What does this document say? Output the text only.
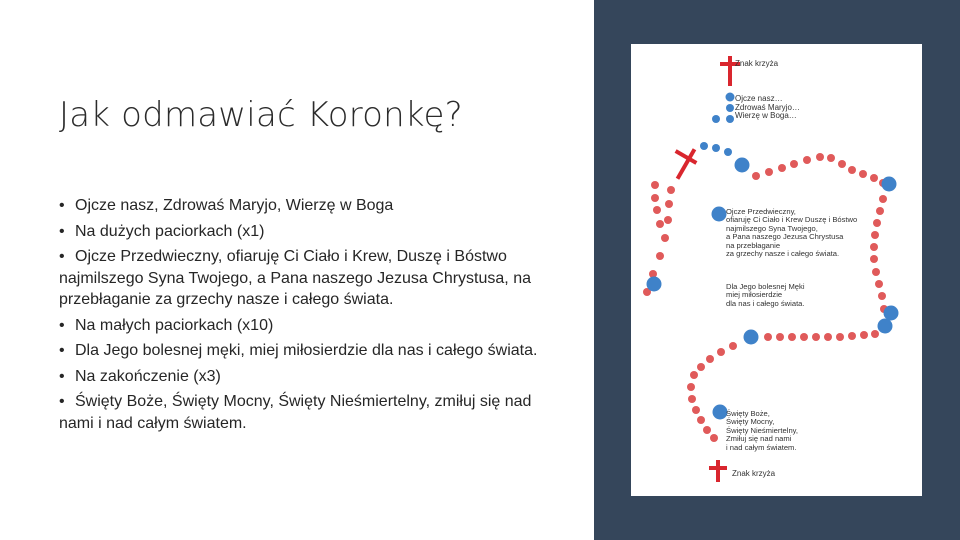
Jak odmawiać Koronkę?
• Ojcze nasz, Zdrowaś Maryjo, Wierzę w Boga
• Na dużych paciorkach (x1)
• Ojcze Przedwieczny, ofiaruję Ci Ciało i Krew, Duszę i Bóstwo najmilszego Syna Twojego, a Pana naszego Jezusa Chrystusa, na przebłaganie za grzechy nasze i całego świata.
• Na małych paciorkach (x10)
• Dla Jego bolesnej męki, miej miłosierdzie dla nas i całego świata.
• Na zakończenie (x3)
• Święty Boże, Święty Mocny, Święty Nieśmiertelny, zmiłuj się nad nami i nad całym światem.
Znak krzyża
Ojcze nasz…
Zdrowaś Maryjo…
Wierzę w Boga…
Ojcze Przedwieczny,
ofiaruję Ci Ciało i Krew Duszę i Bóstwo
najmilszego Syna Twojego,
a Pana naszego Jezusa Chrystusa
na przebłaganie
za grzechy nasze i całego świata.
Dla Jego bolesnej Męki
miej miłosierdzie
dla nas i całego świata.
Święty Boże,
Święty Mocny,
Święty Nieśmiertelny,
Zmiłuj się nad nami
i nad całym światem.
Znak krzyża
